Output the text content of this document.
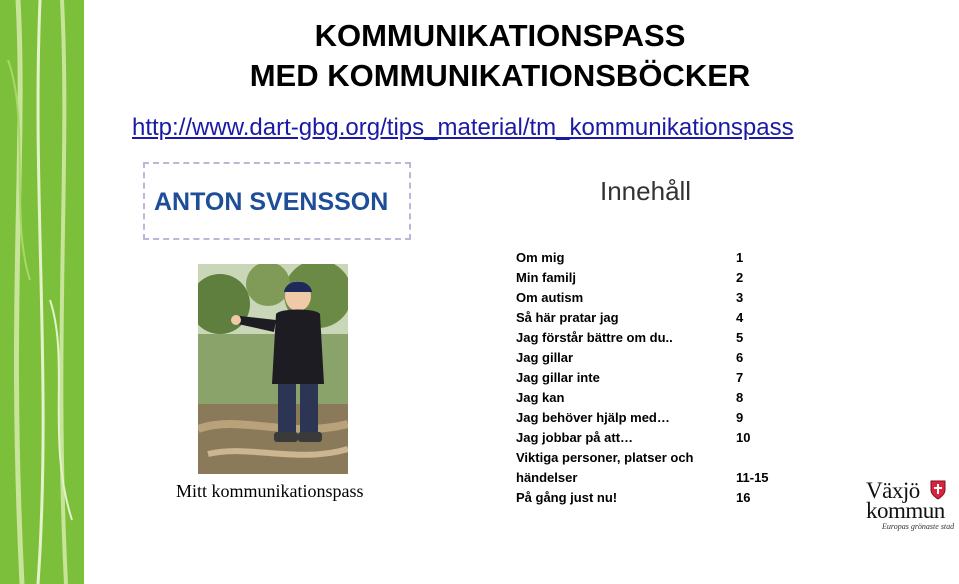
KOMMUNIKATIONSPASS
MED KOMMUNIKATIONSBÖCKER
http://www.dart-gbg.org/tips_material/tm_kommunikationspass
ANTON SVENSSON	Innehåll
Mitt kommunikationspass
Om mig	1
Min familj	2
Om autism	3
Så här pratar jag	4
Jag förstår bättre om du..	5
Jag gillar	6
Jag gillar inte	7
Jag kan	8
Jag behöver hjälp med…	9
Jag jobbar på att…	10
Viktiga personer, platser och
händelser	11-15
På gång just nu!	16	Växjö
kommun
Europas grönaste stad
